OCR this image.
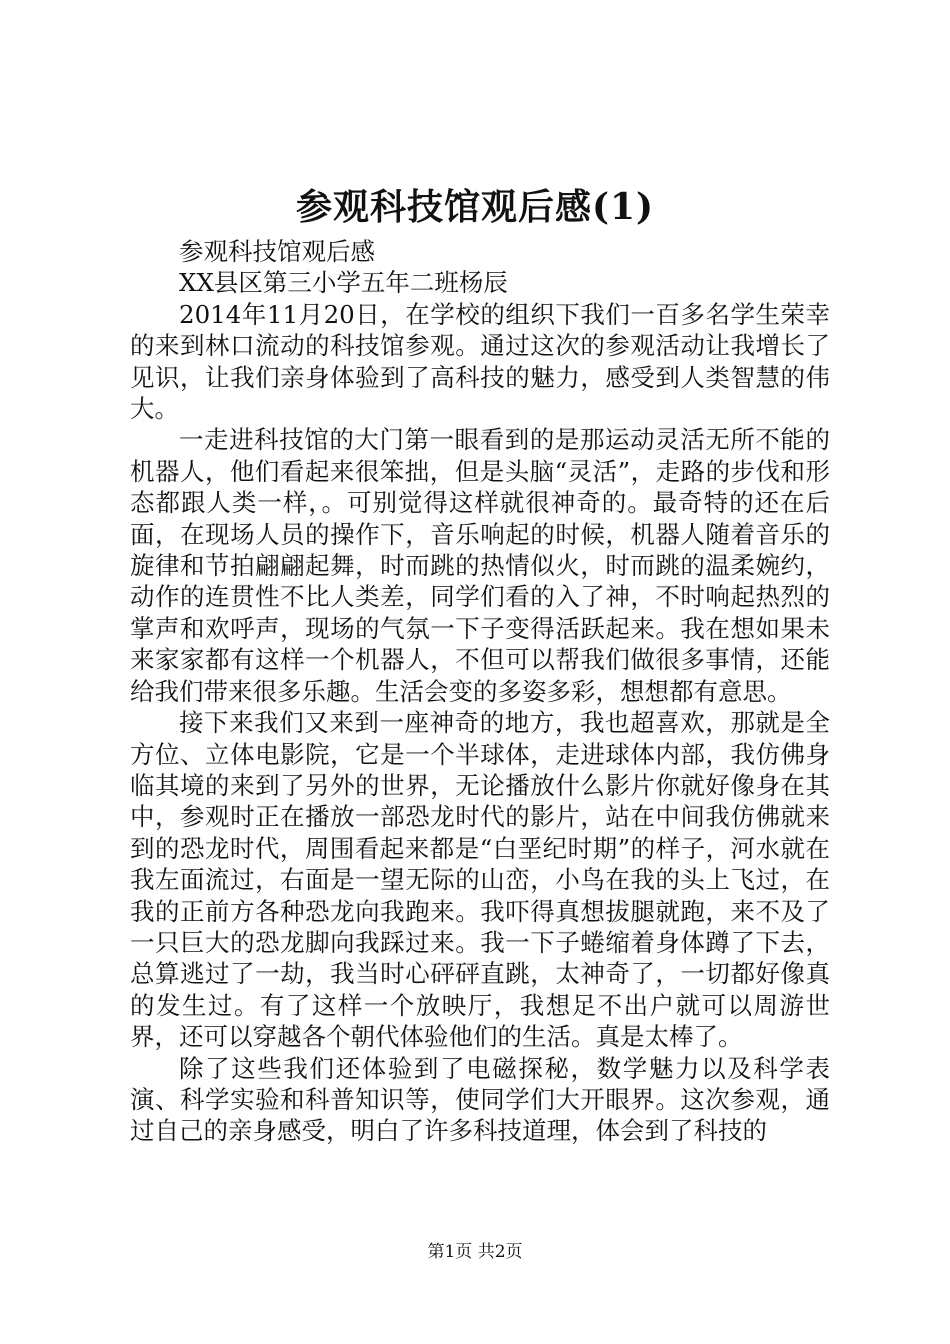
参观科技馆观后感(1)

参观科技馆观后感

XX县区第三小学五年二班杨辰

2014年11月20日，在学校的组织下我们一百多名学生荣幸的来到林口流动的科技馆参观。通过这次的参观活动让我增长了见识，让我们亲身体验到了高科技的魅力，感受到人类智慧的伟大。

一走进科技馆的大门第一眼看到的是那运动灵活无所不能的机器人，他们看起来很笨拙，但是头脑“灵活”，走路的步伐和形态都跟人类一样，。可别觉得这样就很神奇的。最奇特的还在后面，在现场人员的操作下，音乐响起的时候，机器人随着音乐的旋律和节拍翩翩起舞，时而跳的热情似火，时而跳的温柔婉约，动作的连贯性不比人类差，同学们看的入了神，不时响起热烈的掌声和欢呼声，现场的气氛一下子变得活跃起来。我在想如果未来家家都有这样一个机器人，不但可以帮我们做很多事情，还能给我们带来很多乐趣。生活会变的多姿多彩，想想都有意思。

接下来我们又来到一座神奇的地方，我也超喜欢，那就是全方位、立体电影院，它是一个半球体，走进球体内部，我仿佛身临其境的来到了另外的世界，无论播放什么影片你就好像身在其中，参观时正在播放一部恐龙时代的影片，站在中间我仿佛就来到的恐龙时代，周围看起来都是“白垩纪时期”的样子，河水就在我左面流过，右面是一望无际的山峦，小鸟在我的头上飞过，在我的正前方各种恐龙向我跑来。我吓得真想拔腿就跑，来不及了一只巨大的恐龙脚向我踩过来。我一下子蜷缩着身体蹲了下去，总算逃过了一劫，我当时心砰砰直跳，太神奇了，一切都好像真的发生过。有了这样一个放映厅，我想足不出户就可以周游世界，还可以穿越各个朝代体验他们的生活。真是太棒了。

除了这些我们还体验到了电磁探秘，数学魅力以及科学表演、科学实验和科普知识等，使同学们大开眼界。这次参观，通过自己的亲身感受，明白了许多科技道理，体会到了科技的

第1页 共2页
